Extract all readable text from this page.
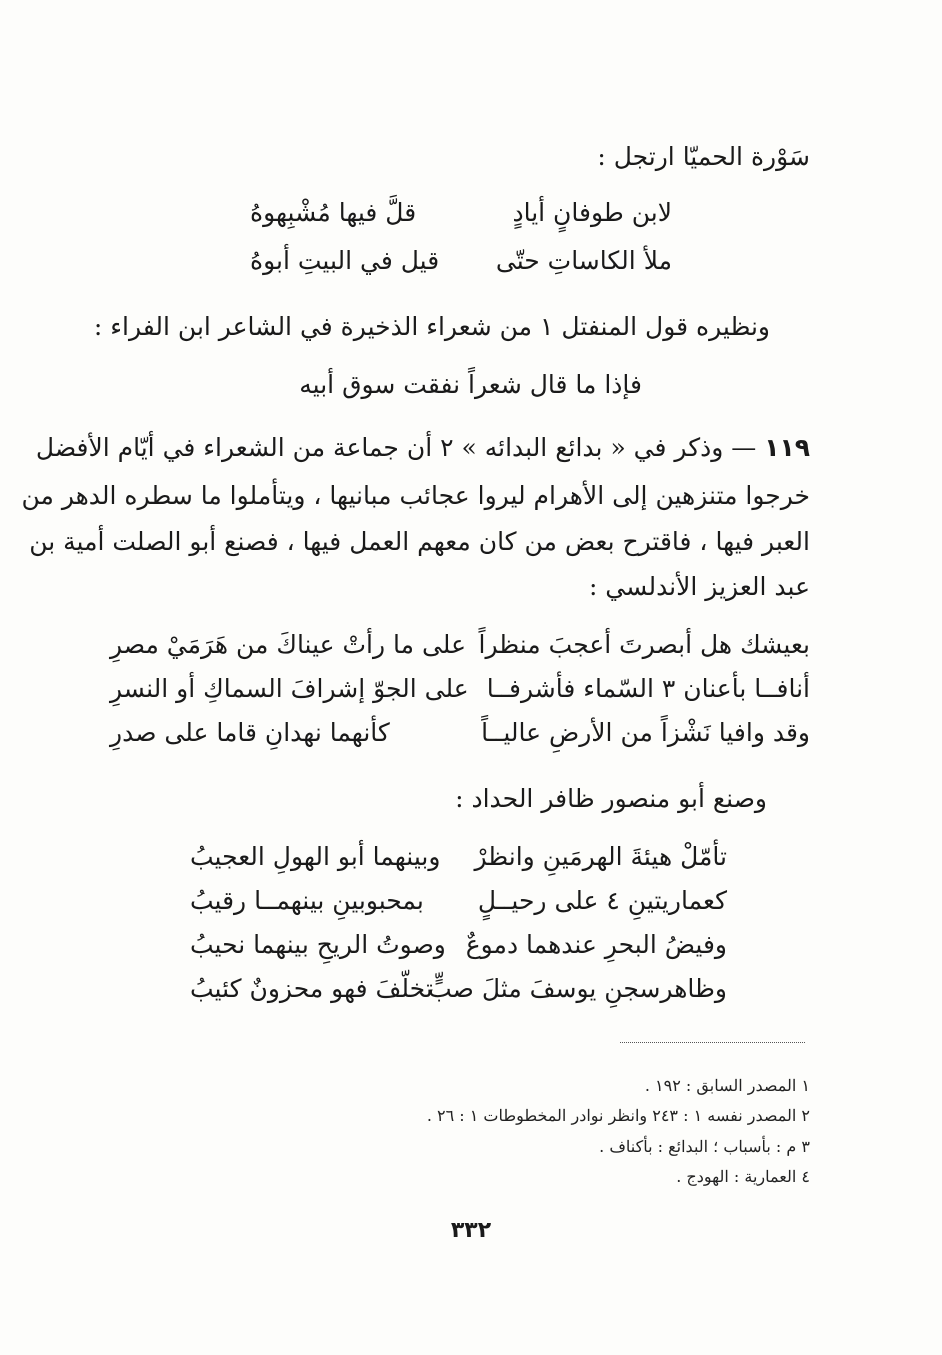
سَوْرة الحميّا ارتجل :
لابن طوفانٍ أيادٍ
قلَّ فيها مُشْبِهوهُ
ملأ الكاساتِ حتّى
قيل في البيتِ أبوهُ
ونظيره قول المنفتل ١ من شعراء الذخيرة في الشاعر ابن الفراء :
فإذا ما قال شعراً نفقت سوق أبيه
١١٩ — وذكر في « بدائع البدائه » ٢ أن جماعة من الشعراء في أيّام الأفضل
خرجوا متنزهين إلى الأهرام ليروا عجائب مبانيها ، ويتأملوا ما سطره الدهر من
العبر فيها ، فاقترح بعض من كان معهم العمل فيها ، فصنع أبو الصلت أمية بن
عبد العزيز الأندلسي :
بعيشك هل أبصرتَ أعجبَ منظراً
على ما رأتْ عيناكَ من هَرَمَيْ مصرِ
أنافــا بأعنان ٣ السّماء فأشرفــا
على الجوّ إشرافَ السماكِ أو النسرِ
وقد وافيا نَشْزاً من الأرضِ عاليــاً
كأنهما نهدانِ قاما على صدرِ
وصنع أبو منصور ظافر الحداد :
تأمّلْ هيئةَ الهرمَينِ وانظرْ
وبينهما أبو الهولِ العجيبُ
كعماريتينِ ٤ على رحيــلٍ
بمحبوبينِ بينهمــا رقيبُ
وفيضُ البحرِ عندهما دموعٌ
وصوتُ الريحِ بينهما نحيبُ
وظاهرسجنِ يوسفَ مثلَ صبٍّ
تخلّفَ فهو محزونٌ كئيبُ
١ المصدر السابق : ١٩٢ .
٢ المصدر نفسه ١ : ٢٤٣ وانظر نوادر المخطوطات ١ : ٢٦ .
٣ م : بأسباب ؛ البدائع : بأكناف .
٤ العمارية : الهودج .
٣٣٢
